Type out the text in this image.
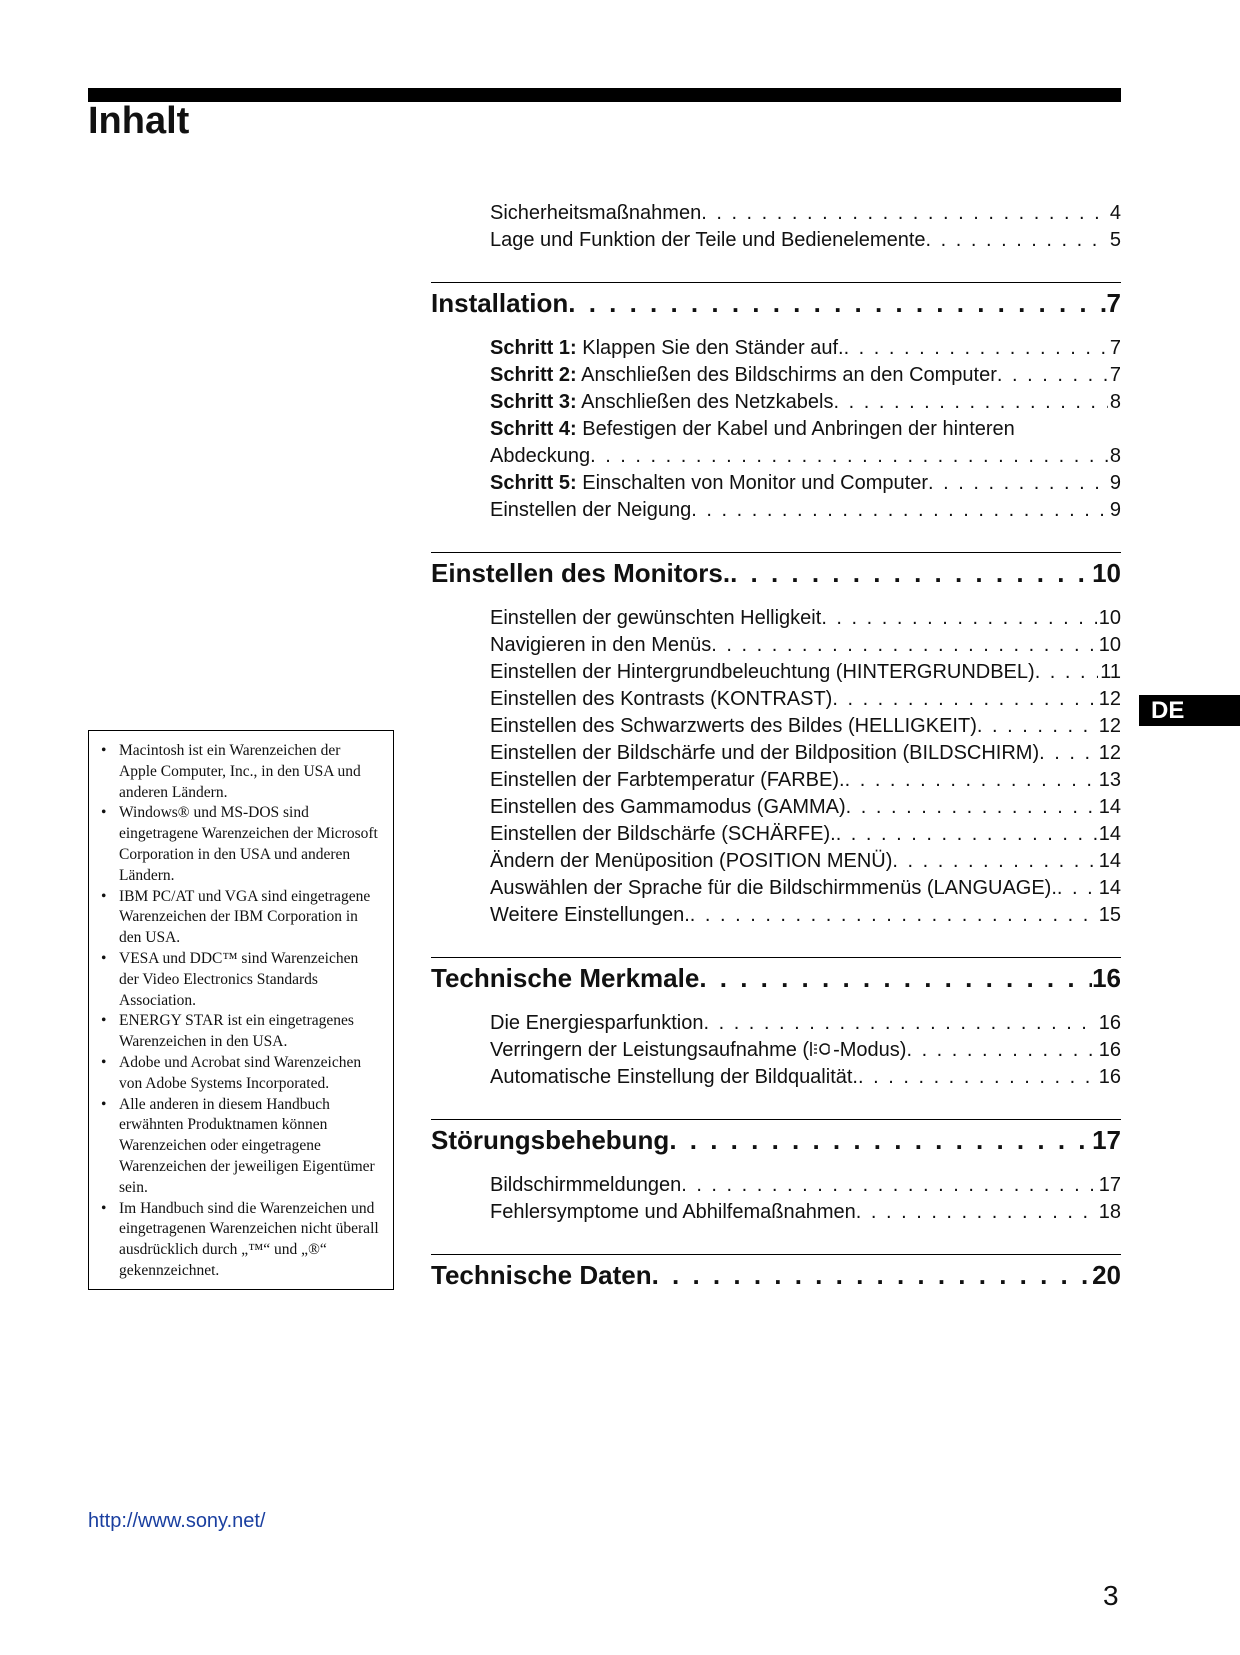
Inhalt
Sicherheitsmaßnahmen . . .	4
Lage und Funktion der Teile und Bedienelemente . . .	5
Installation . . .	7
Schritt 1: Klappen Sie den Ständer auf. . . .	7
Schritt 2: Anschließen des Bildschirms an den Computer . . .	7
Schritt 3: Anschließen des Netzkabels . . .	8
Schritt 4: Befestigen der Kabel und Anbringen der hinteren
Abdeckung . . .	8
Schritt 5: Einschalten von Monitor und Computer . . .	9
Einstellen der Neigung . . .	9
Einstellen des Monitors. . . .	10
Einstellen der gewünschten Helligkeit . . .	10
Navigieren in den Menüs . . .	10
Einstellen der Hintergrundbeleuchtung (HINTERGRUNDBEL) . . .	11
Einstellen des Kontrasts (KONTRAST) . . .	12
Einstellen des Schwarzwerts des Bildes (HELLIGKEIT) . . .	12
Einstellen der Bildschärfe und der Bildposition (BILDSCHIRM) . . .	12
Einstellen der Farbtemperatur (FARBE). . . .	13
Einstellen des Gammamodus (GAMMA) . . .	14
Einstellen der Bildschärfe (SCHÄRFE). . . .	14
Ändern der Menüposition (POSITION MENÜ) . . .	14
Auswählen der Sprache für die Bildschirmmenüs (LANGUAGE). . . . 14
Weitere Einstellungen. . . .	15
Technische Merkmale . . .	16
Die Energiesparfunktion . . .	16
Verringern der Leistungsaufnahme ( -Modus) . . .	16
Automatische Einstellung der Bildqualität. . . .	16
Störungsbehebung . . .	17
Bildschirmmeldungen . . .	17
Fehlersymptome und Abhilfemaßnahmen . . .	18
Technische Daten . . .	20
• Macintosh ist ein Warenzeichen der Apple Computer, Inc., in den USA und anderen Ländern.
• Windows® und MS-DOS sind eingetragene Warenzeichen der Microsoft Corporation in den USA und anderen Ländern.
• IBM PC/AT und VGA sind eingetragene Warenzeichen der IBM Corporation in den USA.
• VESA und DDC™ sind Warenzeichen der Video Electronics Standards Association.
• ENERGY STAR ist ein eingetragenes Warenzeichen in den USA.
• Adobe und Acrobat sind Warenzeichen von Adobe Systems Incorporated.
• Alle anderen in diesem Handbuch erwähnten Produktnamen können Warenzeichen oder eingetragene Warenzeichen der jeweiligen Eigentümer sein.
• Im Handbuch sind die Warenzeichen und eingetragenen Warenzeichen nicht überall ausdrücklich durch „™“ und „®“ gekennzeichnet.
DE
http://www.sony.net/
3
